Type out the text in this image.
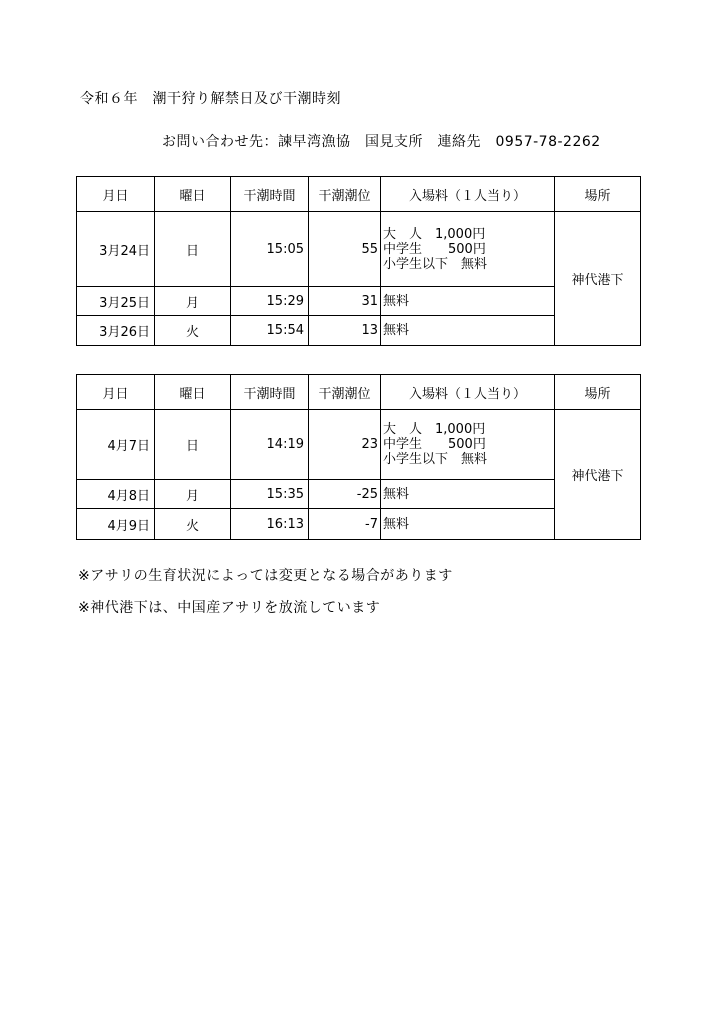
令和６年　潮干狩り解禁日及び干潮時刻
お問い合わせ先：諫早湾漁協　国見支所　連絡先　0957-78-2262
月日	曜日	干潮時間	干潮潮位	入場料（１人当り）	場所
3月24日	日	15:05	55	大　人　1,000円
中学生　　500円
小学生以下　無料	神代港下
3月25日	月	15:29	31	無料	
3月26日	火	15:54	13	無料	
月日	曜日	干潮時間	干潮潮位	入場料（１人当り）	場所
4月7日	日	14:19	23	大　人　1,000円
中学生　　500円
小学生以下　無料	神代港下
4月8日	月	15:35	-25	無料	
4月9日	火	16:13	-7	無料	
※アサリの生育状況によっては変更となる場合があります
※神代港下は、中国産アサリを放流しています
